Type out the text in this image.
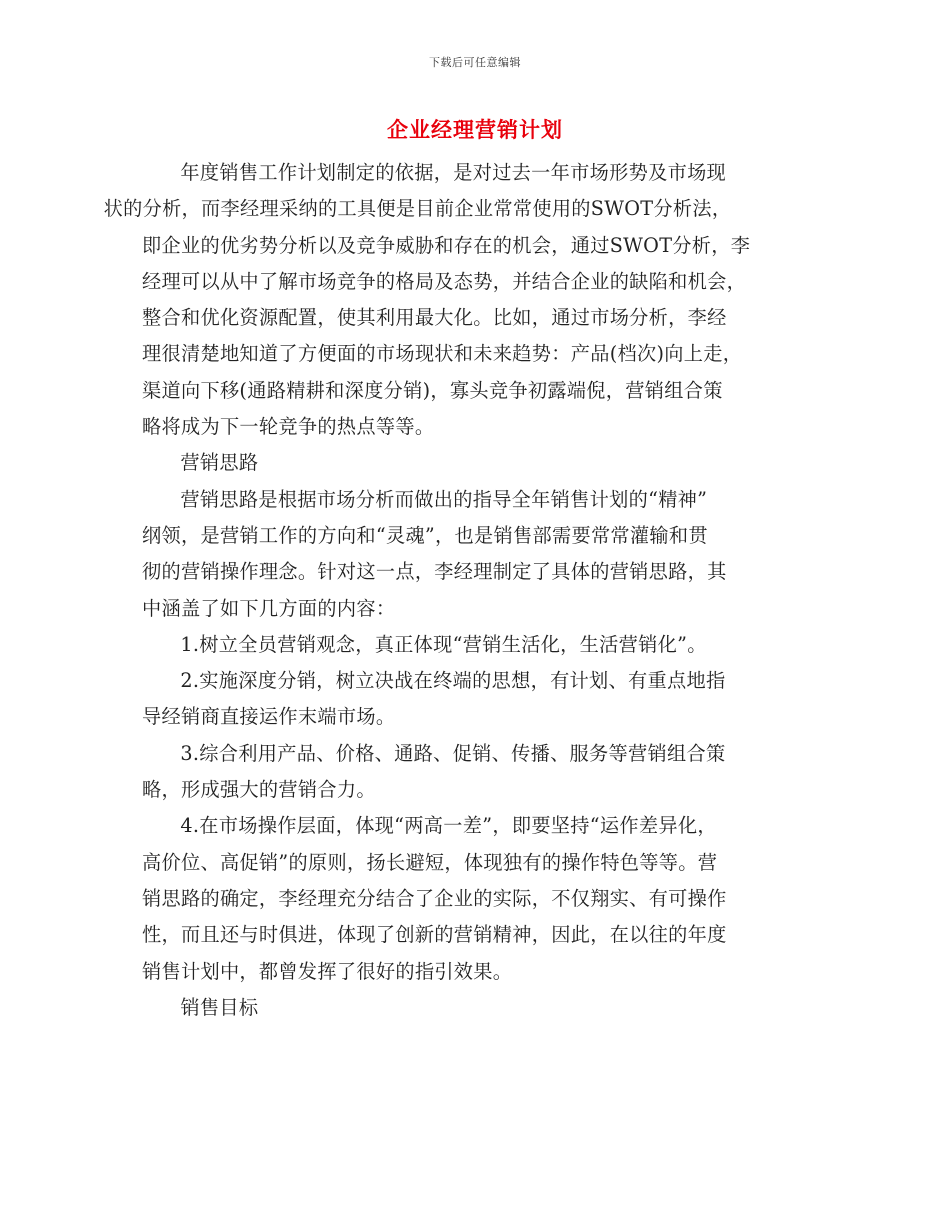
下载后可任意编辑
企业经理营销计划

年度销售工作计划制定的依据，是对过去一年市场形势及市场现
状的分析，而李经理采纳的工具便是目前企业常常使用的SWOT分析法，
即企业的优劣势分析以及竞争威胁和存在的机会，通过SWOT分析，李
经理可以从中了解市场竞争的格局及态势，并结合企业的缺陷和机会，
整合和优化资源配置，使其利用最大化。比如，通过市场分析，李经
理很清楚地知道了方便面的市场现状和未来趋势：产品(档次)向上走，
渠道向下移(通路精耕和深度分销)，寡头竞争初露端倪，营销组合策
略将成为下一轮竞争的热点等等。

营销思路

营销思路是根据市场分析而做出的指导全年销售计划的“精神”
纲领，是营销工作的方向和“灵魂”，也是销售部需要常常灌输和贯
彻的营销操作理念。针对这一点，李经理制定了具体的营销思路，其
中涵盖了如下几方面的内容：

1.树立全员营销观念，真正体现“营销生活化，生活营销化”。

2.实施深度分销，树立决战在终端的思想，有计划、有重点地指
导经销商直接运作末端市场。

3.综合利用产品、价格、通路、促销、传播、服务等营销组合策
略，形成强大的营销合力。

4.在市场操作层面，体现“两高一差”，即要坚持“运作差异化，
高价位、高促销”的原则，扬长避短，体现独有的操作特色等等。营
销思路的确定，李经理充分结合了企业的实际，不仅翔实、有可操作
性，而且还与时俱进，体现了创新的营销精神，因此，在以往的年度
销售计划中，都曾发挥了很好的指引效果。

销售目标
